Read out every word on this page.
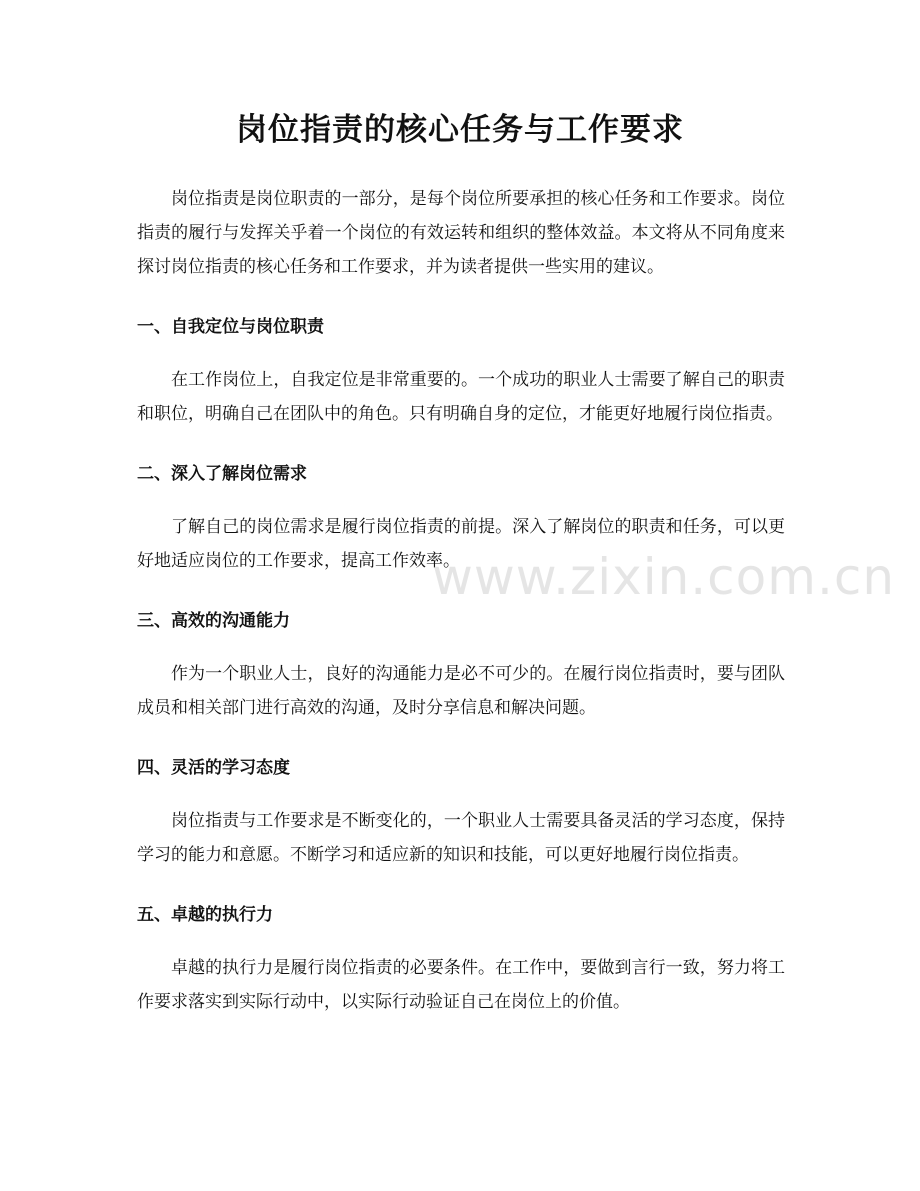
岗位指责的核心任务与工作要求

岗位指责是岗位职责的一部分，是每个岗位所要承担的核心任务和工作要求。岗位指责的履行与发挥关乎着一个岗位的有效运转和组织的整体效益。本文将从不同角度来探讨岗位指责的核心任务和工作要求，并为读者提供一些实用的建议。

一、自我定位与岗位职责

在工作岗位上，自我定位是非常重要的。一个成功的职业人士需要了解自己的职责和职位，明确自己在团队中的角色。只有明确自身的定位，才能更好地履行岗位指责。

二、深入了解岗位需求

了解自己的岗位需求是履行岗位指责的前提。深入了解岗位的职责和任务，可以更好地适应岗位的工作要求，提高工作效率。

三、高效的沟通能力

作为一个职业人士，良好的沟通能力是必不可少的。在履行岗位指责时，要与团队成员和相关部门进行高效的沟通，及时分享信息和解决问题。

四、灵活的学习态度

岗位指责与工作要求是不断变化的，一个职业人士需要具备灵活的学习态度，保持学习的能力和意愿。不断学习和适应新的知识和技能，可以更好地履行岗位指责。

五、卓越的执行力

卓越的执行力是履行岗位指责的必要条件。在工作中，要做到言行一致，努力将工作要求落实到实际行动中，以实际行动验证自己在岗位上的价值。

www.zixin.com.cn
